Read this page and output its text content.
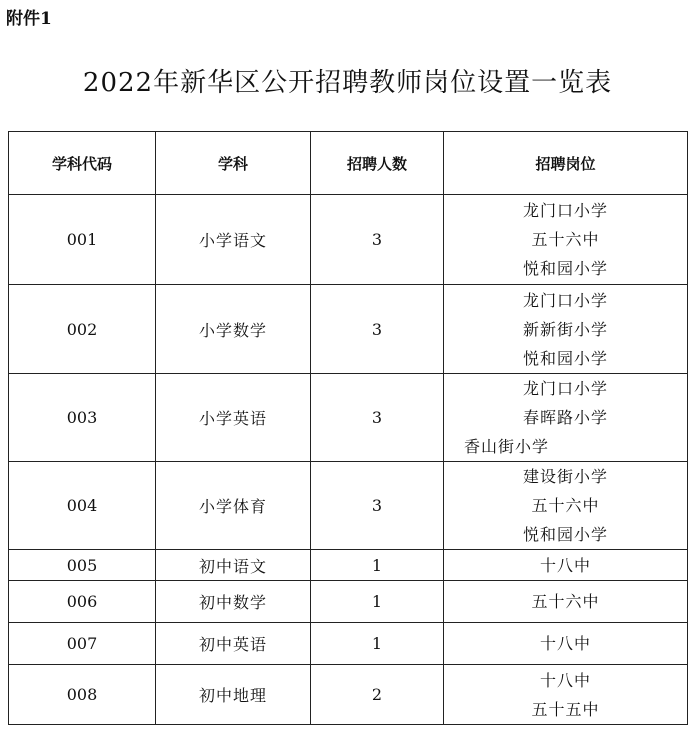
附件1
2022年新华区公开招聘教师岗位设置一览表
学科代码	学科	招聘人数	招聘岗位
001	小学语文	3	龙门口小学
五十六中
悦和园小学

002	小学数学	3	龙门口小学
新新街小学
悦和园小学

003	小学英语	3	龙门口小学
春晖路小学
香山街小学

004	小学体育	3	建设街小学
五十六中
悦和园小学

005	初中语文	1	十八中

006	初中数学	1	五十六中

007	初中英语	1	十八中

008	初中地理	2	十八中
五十五中
